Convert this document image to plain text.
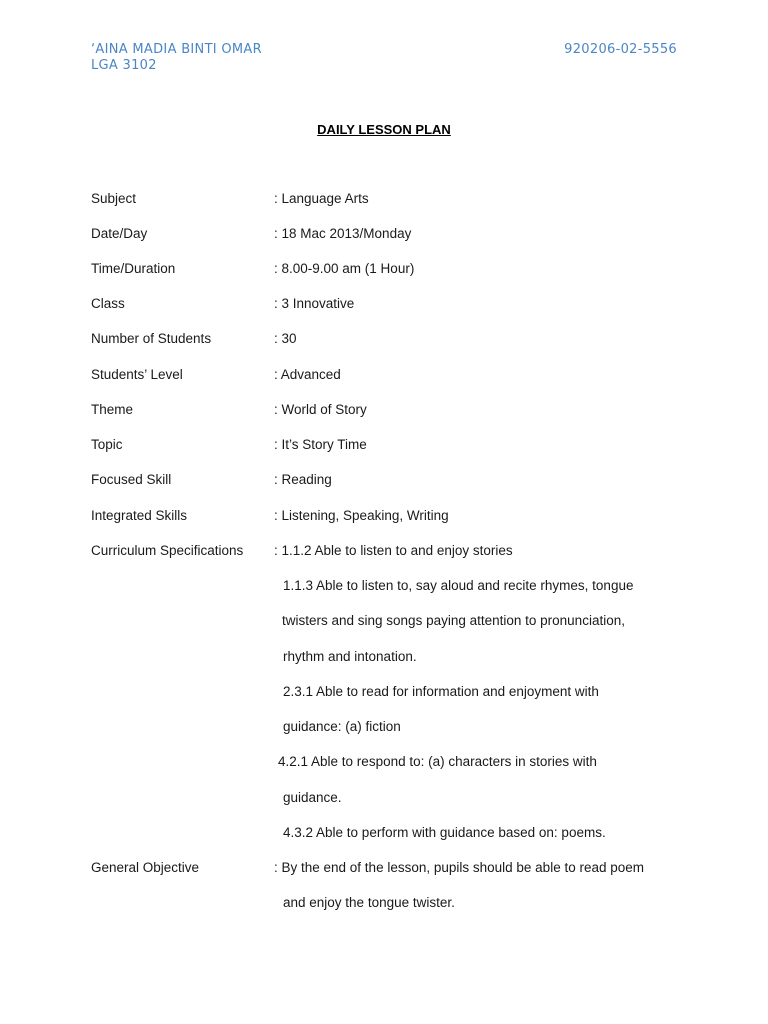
‘AINA MADIA BINTI OMAR	920206-02-5556
LGA 3102
DAILY LESSON PLAN
Subject	: Language Arts
Date/Day	: 18 Mac 2013/Monday
Time/Duration	: 8.00-9.00 am (1 Hour)
Class	: 3 Innovative
Number of Students	: 30
Students’ Level	: Advanced
Theme	: World of Story
Topic	: It’s Story Time
Focused Skill	: Reading
Integrated Skills	: Listening, Speaking, Writing
Curriculum Specifications : 1.1.2 Able to listen to and enjoy stories
1.1.3 Able to listen to, say aloud and recite rhymes, tongue
twisters and sing songs paying attention to pronunciation,
rhythm and intonation.
2.3.1 Able to read for information and enjoyment with
guidance: (a) fiction
4.2.1 Able to respond to: (a) characters in stories with
guidance.
4.3.2 Able to perform with guidance based on: poems.
General Objective	: By the end of the lesson, pupils should be able to read poem
and enjoy the tongue twister.
